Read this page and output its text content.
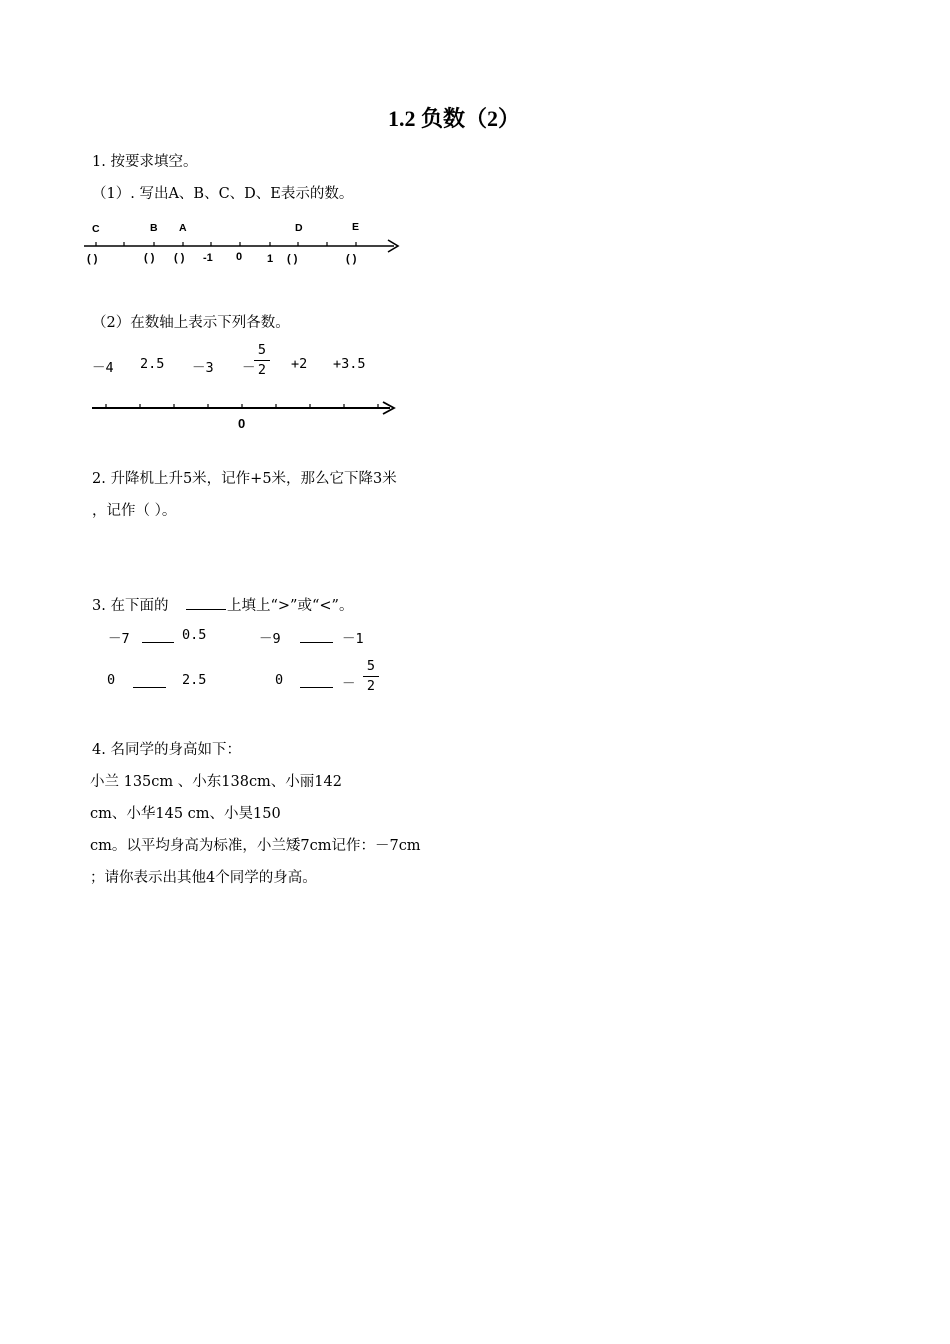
1.2 负数（2）
1. 按要求填空。
（1）. 写出A、B、C、D、E表示的数。
C	B A	D	E
( )	( ) ( ) -1 0 1 ( )	( )
（2）在数轴上表示下列各数。
－4 2.5 －3 －
5
2 +2 +3.5
0
2. 升降机上升5米，记作+5米，那么它下降3米
，记作（ ）。
3. 在下面的	上填上“>”或“<”。
－7	0.5	－9	－1
0	2.5	0	－
5
2
4. 名同学的身高如下：
小兰 135cm 、小东138cm、小丽142
cm、小华145 cm、小昊150
cm。以平均身高为标准，小兰矮7cm记作：－7cm
；请你表示出其他4个同学的身高。
